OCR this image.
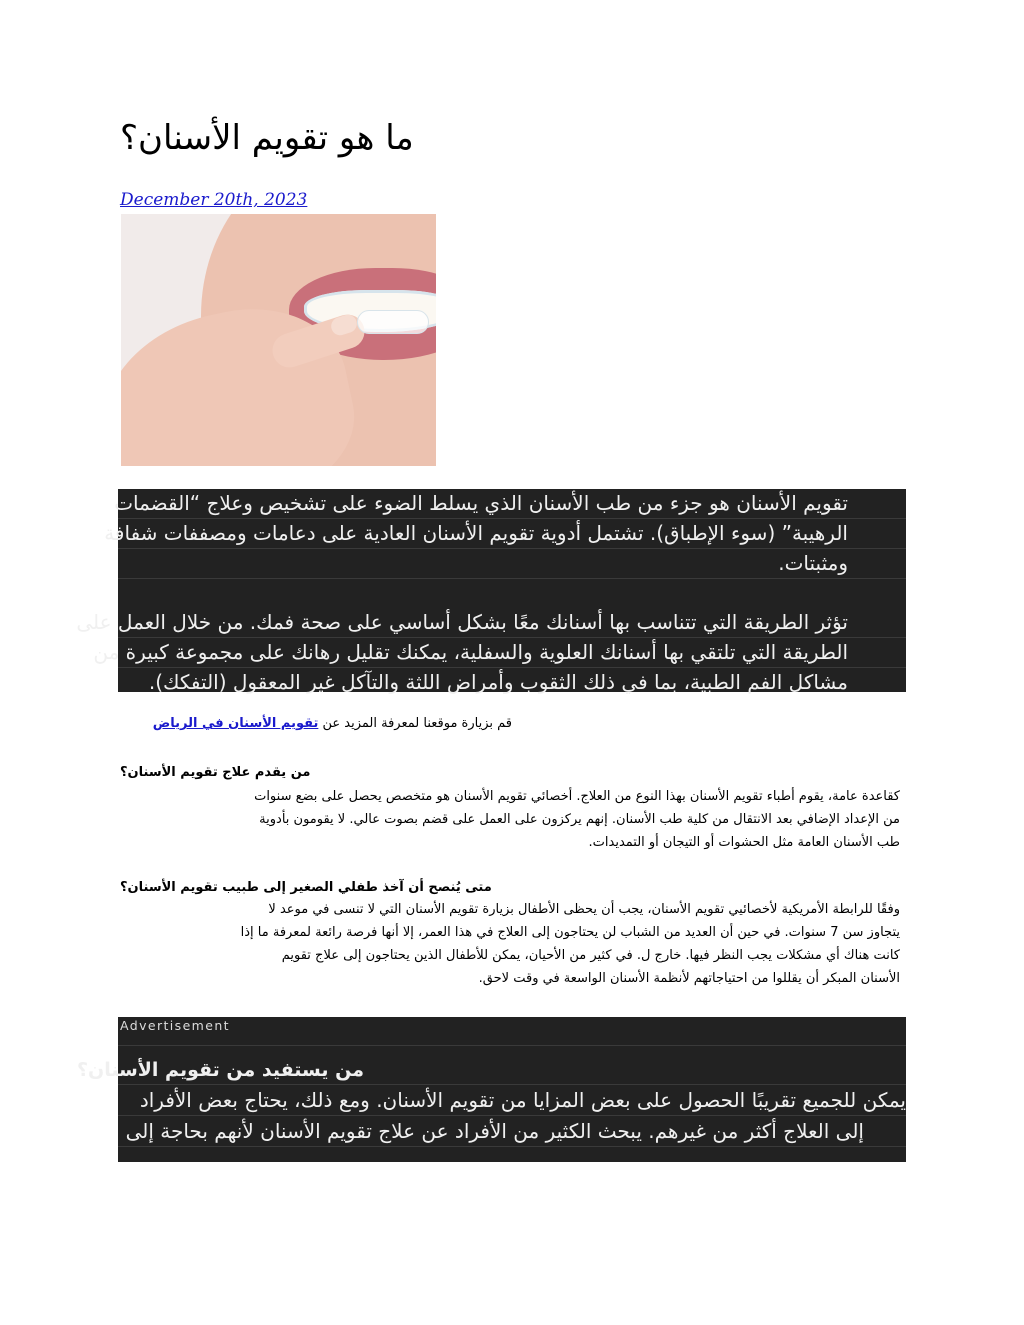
ما هو تقويم الأسنان؟
December 20th, 2023
تقويم الأسنان هو جزء من طب الأسنان الذي يسلط الضوء على تشخيص وعلاج “القضمات
الرهيبة” (سوء الإطباق). تشتمل أدوية تقويم الأسنان العادية على دعامات ومصففات شفافة
ومثبتات.
تؤثر الطريقة التي تتناسب بها أسنانك معًا بشكل أساسي على صحة فمك. من خلال العمل على
الطريقة التي تلتقي بها أسنانك العلوية والسفلية، يمكنك تقليل رهانك على مجموعة كبيرة من
مشاكل الفم الطبية، بما في ذلك الثقوب وأمراض اللثة والتآكل غير المعقول (التفكك).
قم بزيارة موقعنا لمعرفة المزيد عن تقويم الأسنان في الرياض
من يقدم علاج تقويم الأسنان؟
كقاعدة عامة، يقوم أطباء تقويم الأسنان بهذا النوع من العلاج. أخصائي تقويم الأسنان هو متخصص يحصل على بضع سنوات
من الإعداد الإضافي بعد الانتقال من كلية طب الأسنان. إنهم يركزون على العمل على قضم بصوت عالي. لا يقومون بأدوية
طب الأسنان العامة مثل الحشوات أو التيجان أو التمديدات.
متى يُنصح أن آخذ طفلي الصغير إلى طبيب تقويم الأسنان؟
وفقًا للرابطة الأمريكية لأخصائيي تقويم الأسنان، يجب أن يحظى الأطفال بزيارة تقويم الأسنان التي لا تنسى في موعد لا
يتجاوز سن 7 سنوات. في حين أن العديد من الشباب لن يحتاجون إلى العلاج في هذا العمر، إلا أنها فرصة رائعة لمعرفة ما إذا
كانت هناك أي مشكلات يجب النظر فيها. خارج ل. في كثير من الأحيان، يمكن للأطفال الذين يحتاجون إلى علاج تقويم
الأسنان المبكر أن يقللوا من احتياجاتهم لأنظمة الأسنان الواسعة في وقت لاحق.
Advertisement
من يستفيد من تقويم الأسنان؟
يمكن للجميع تقريبًا الحصول على بعض المزايا من تقويم الأسنان. ومع ذلك، يحتاج بعض الأفراد
إلى العلاج أكثر من غيرهم. يبحث الكثير من الأفراد عن علاج تقويم الأسنان لأنهم بحاجة إلى
